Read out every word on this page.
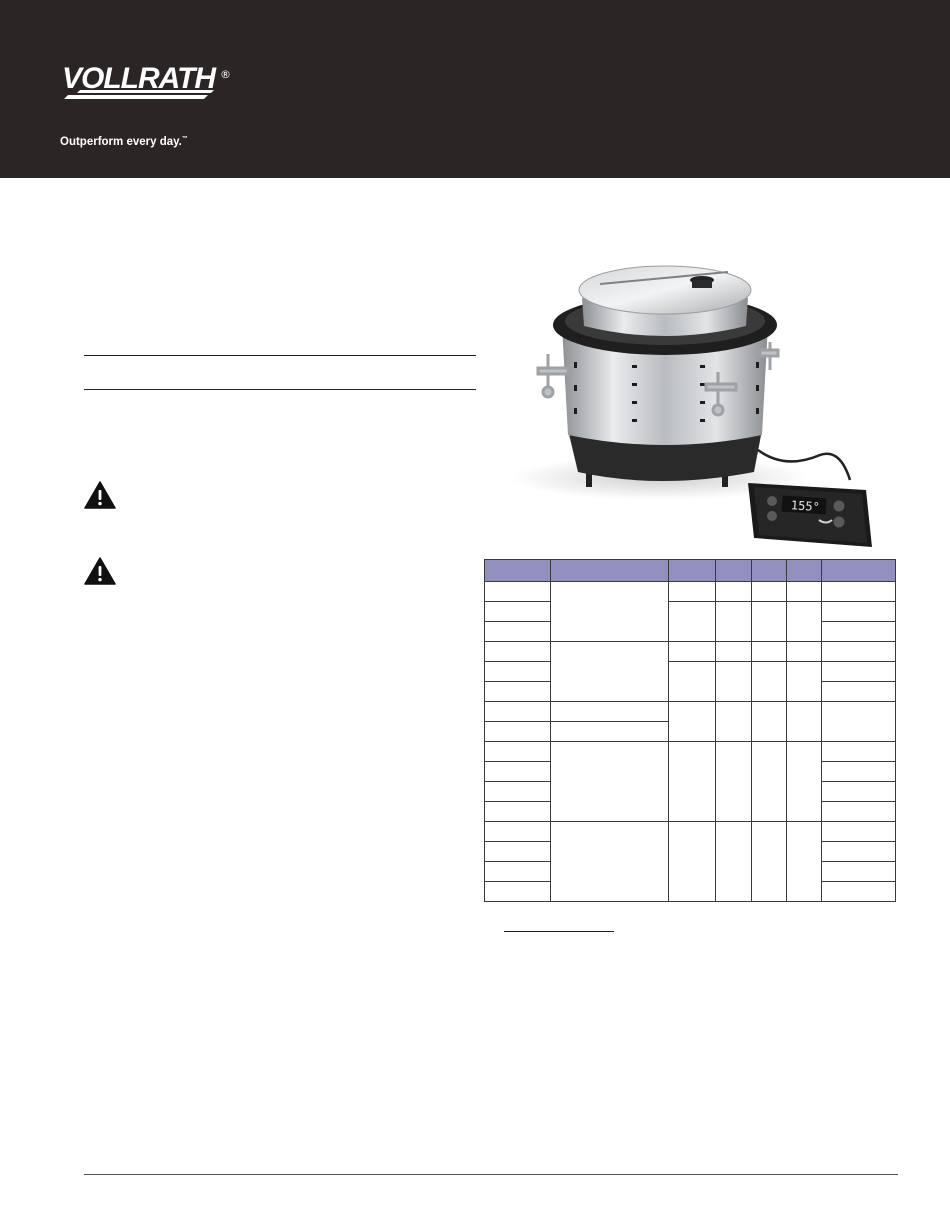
VOLLRATH ®
Outperform every day.™
155°
